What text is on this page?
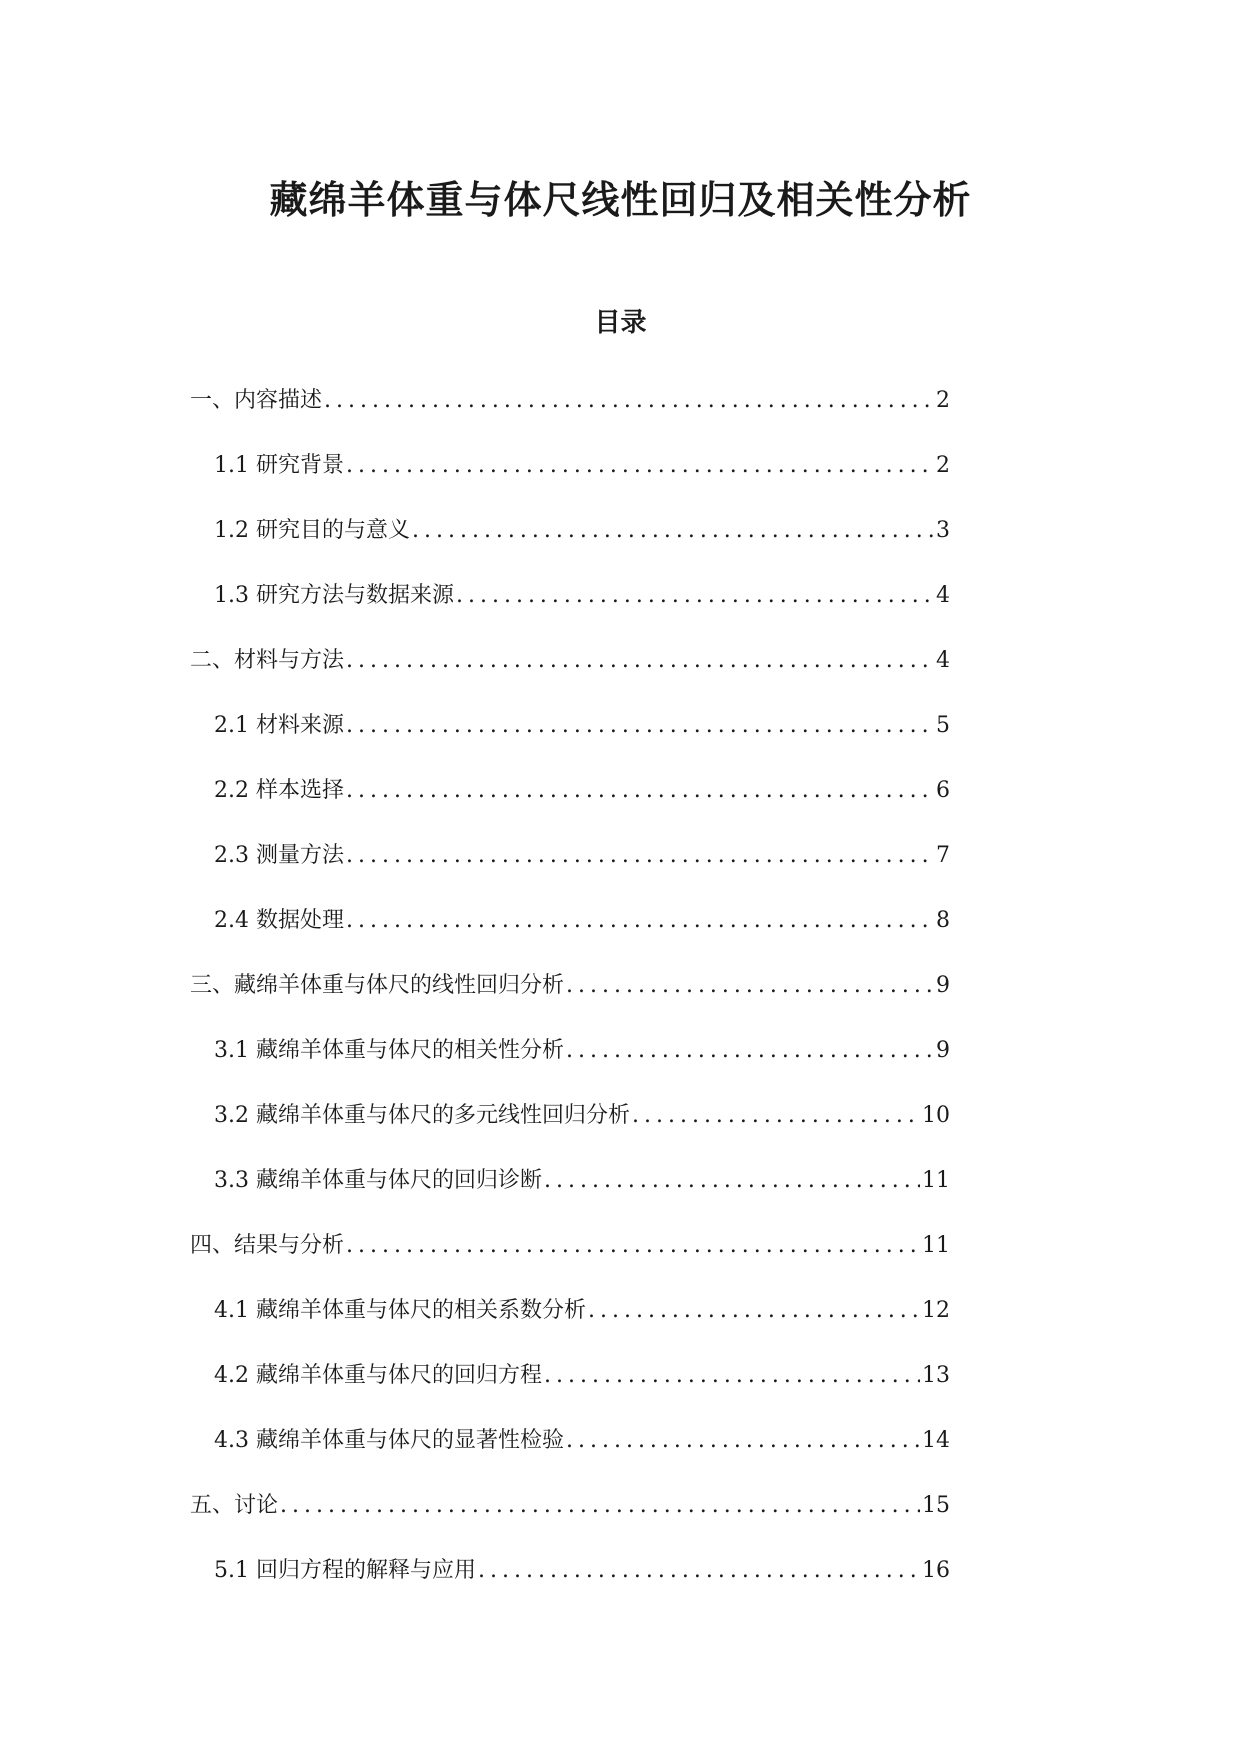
藏绵羊体重与体尺线性回归及相关性分析
目录
一、内容描述 .....	2
1.1 研究背景 .....	2
1.2 研究目的与意义 .....	3
1.3 研究方法与数据来源 .....	4
二、材料与方法 .....	4
2.1 材料来源 .....	5
2.2 样本选择 .....	6
2.3 测量方法 .....	7
2.4 数据处理 .....	8
三、藏绵羊体重与体尺的线性回归分析 .....	9
3.1 藏绵羊体重与体尺的相关性分析 .....	9
3.2 藏绵羊体重与体尺的多元线性回归分析 .....	10
3.3 藏绵羊体重与体尺的回归诊断 .....	11
四、结果与分析 .....	11
4.1 藏绵羊体重与体尺的相关系数分析 .....	12
4.2 藏绵羊体重与体尺的回归方程 .....	13
4.3 藏绵羊体重与体尺的显著性检验 .....	14
五、讨论 .....	15
5.1 回归方程的解释与应用 .....	16
